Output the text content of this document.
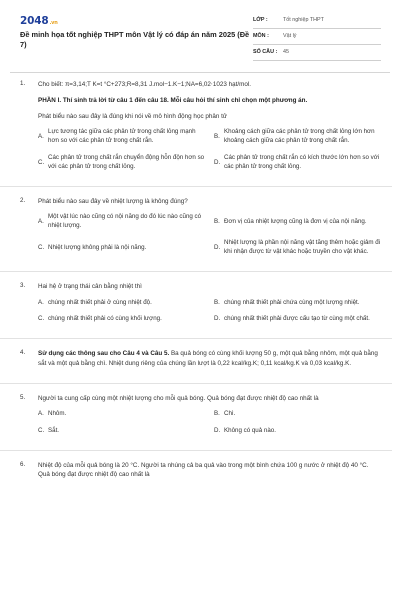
2048.vn
Đề minh họa tốt nghiệp THPT môn Vật lý có đáp án năm 2025 (Đề 7)
LỚP :	Tốt nghiệp THPT
MÔN :	Vật lý
SỐ CÂU :	45
1.	Cho biết: π=3,14;T K=t °C+273;R=8,31 J.mol−1.K−1;NA=6,02⋅1023 hạt/mol.
PHẦN I. Thí sinh trả lời từ câu 1 đến câu 18. Mỗi câu hỏi thí sinh chỉ chọn một phương án.
Phát biểu nào sau đây là đúng khi nói về mô hình động học phân tử
A.
Lực tương tác giữa các phân tử trong chất lỏng mạnh hơn so với các phân tử trong chất rắn.
B.
Khoảng cách giữa các phân tử trong chất lỏng lớn hơn khoảng cách giữa các phân tử trong chất rắn.
C.
Các phân tử trong chất rắn chuyển động hỗn độn hơn so với các phân tử trong chất lỏng.
D.
Các phân tử trong chất rắn có kích thước lớn hơn so với các phân tử trong chất lỏng.
2.	Phát biểu nào sau đây về nhiệt lượng là không đúng?
A.
Một vật lúc nào cũng có nội năng do đó lúc nào cũng có nhiệt lượng.
B. Đơn vị của nhiệt lượng cũng là đơn vị của nội năng.
C. Nhiệt lượng không phải là nội năng.	D.
Nhiệt lượng là phần nội năng vật tăng thêm hoặc giảm đi khi nhận được từ vật khác hoặc truyền cho vật khác.
3.	Hai hệ ở trạng thái cân bằng nhiệt thì
A. chúng nhất thiết phải ở cùng nhiệt độ.	B. chúng nhất thiết phải chứa cùng một lượng nhiệt.
C. chúng nhất thiết phải có cùng khối lượng.	D. chúng nhất thiết phải được cấu tạo từ cùng một chất.
4.	Sử dụng các thông sau cho Câu 4 và Câu 5. Ba quả bóng có cùng khối lượng 50 g, một quả bằng nhôm, một quả bằng sắt và một quả bằng chì. Nhiệt dung riêng của chúng lần lượt là 0,22 kcal/kg.K; 0,11 kcal/kg.K và 0,03 kcal/kg.K.
5.	Người ta cung cấp cùng một nhiệt lượng cho mỗi quả bóng. Quả bóng đạt được nhiệt độ cao nhất là
A. Nhôm.	B. Chì.
C. Sắt.	D. Không có quả nào.
6.	Nhiệt độ của mỗi quả bóng là 20 °C. Người ta nhúng cả ba quả vào trong một bình chứa 100 g nước ở nhiệt độ 40 °C. Quả bóng đạt được nhiệt độ cao nhất là
